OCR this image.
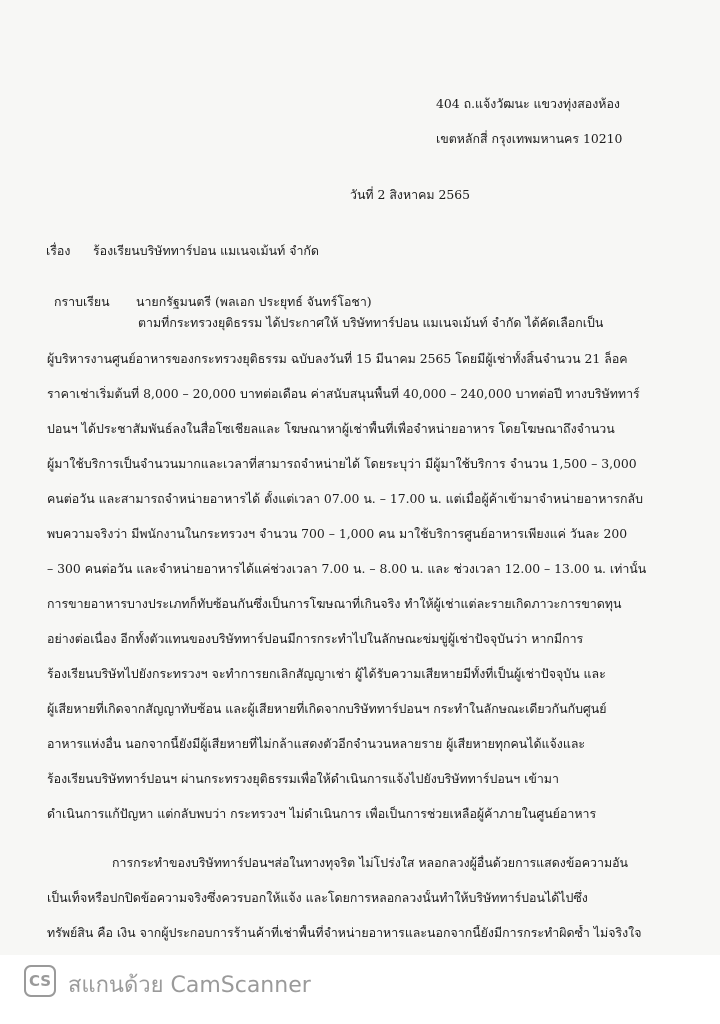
404 ถ.แจ้งวัฒนะ แขวงทุ่งสองห้อง
เขตหลักสี่ กรุงเทพมหานคร 10210
วันที่ 2 สิงหาคม 2565
เรื่อง ร้องเรียนบริษัททาร์ปอน แมเนจเม้นท์ จำกัด
กราบเรียน นายกรัฐมนตรี (พลเอก ประยุทธ์ จันทร์โอชา)
ตามที่กระทรวงยุติธรรม ได้ประกาศให้ บริษัททาร์ปอน แมเนจเม้นท์ จำกัด ได้คัดเลือกเป็น
ผู้บริหารงานศูนย์อาหารของกระทรวงยุติธรรม ฉบับลงวันที่ 15 มีนาคม 2565 โดยมีผู้เช่าทั้งสิ้นจำนวน 21 ล็อค
ราคาเช่าเริ่มต้นที่ 8,000 – 20,000 บาทต่อเดือน ค่าสนับสนุนพื้นที่ 40,000 – 240,000 บาทต่อปี ทางบริษัททาร์
ปอนฯ ได้ประชาสัมพันธ์ลงในสื่อโซเชียลและ โฆษณาหาผู้เช่าพื้นที่เพื่อจำหน่ายอาหาร โดยโฆษณาถึงจำนวน
ผู้มาใช้บริการเป็นจำนวนมากและเวลาที่สามารถจำหน่ายได้ โดยระบุว่า มีผู้มาใช้บริการ จำนวน 1,500 – 3,000
คนต่อวัน และสามารถจำหน่ายอาหารได้ ตั้งแต่เวลา 07.00 น. – 17.00 น. แต่เมื่อผู้ค้าเข้ามาจำหน่ายอาหารกลับ
พบความจริงว่า มีพนักงานในกระทรวงฯ จำนวน 700 – 1,000 คน มาใช้บริการศูนย์อาหารเพียงแค่ วันละ 200
– 300 คนต่อวัน และจำหน่ายอาหารได้แค่ช่วงเวลา 7.00 น. – 8.00 น. และ ช่วงเวลา 12.00 – 13.00 น. เท่านั้น
การขายอาหารบางประเภทก็ทับซ้อนกันซึ่งเป็นการโฆษณาที่เกินจริง ทำให้ผู้เช่าแต่ละรายเกิดภาวะการขาดทุน
อย่างต่อเนื่อง อีกทั้งตัวแทนของบริษัททาร์ปอนมีการกระทำไปในลักษณะข่มขู่ผู้เช่าปัจจุบันว่า หากมีการ
ร้องเรียนบริษัทไปยังกระทรวงฯ จะทำการยกเลิกสัญญาเช่า ผู้ได้รับความเสียหายมีทั้งที่เป็นผู้เช่าปัจจุบัน และ
ผู้เสียหายที่เกิดจากสัญญาทับซ้อน และผู้เสียหายที่เกิดจากบริษัททาร์ปอนฯ กระทำในลักษณะเดียวกันกับศูนย์
อาหารแห่งอื่น นอกจากนี้ยังมีผู้เสียหายที่ไม่กล้าแสดงตัวอีกจำนวนหลายราย ผู้เสียหายทุกคนได้แจ้งและ
ร้องเรียนบริษัททาร์ปอนฯ ผ่านกระทรวงยุติธรรมเพื่อให้ดำเนินการแจ้งไปยังบริษัททาร์ปอนฯ เข้ามา
ดำเนินการแก้ปัญหา แต่กลับพบว่า กระทรวงฯ ไม่ดำเนินการ เพื่อเป็นการช่วยเหลือผู้ค้าภายในศูนย์อาหาร
การกระทำของบริษัททาร์ปอนฯส่อในทางทุจริต ไม่โปร่งใส หลอกลวงผู้อื่นด้วยการแสดงข้อความอัน
เป็นเท็จหรือปกปิดข้อความจริงซึ่งควรบอกให้แจ้ง และโดยการหลอกลวงนั้นทำให้บริษัททาร์ปอนได้ไปซึ่ง
ทรัพย์สิน คือ เงิน จากผู้ประกอบการร้านค้าที่เช่าพื้นที่จำหน่ายอาหารและนอกจากนี้ยังมีการกระทำผิดซ้ำ ไม่จริงใจ
CS สแกนด้วย CamScanner
